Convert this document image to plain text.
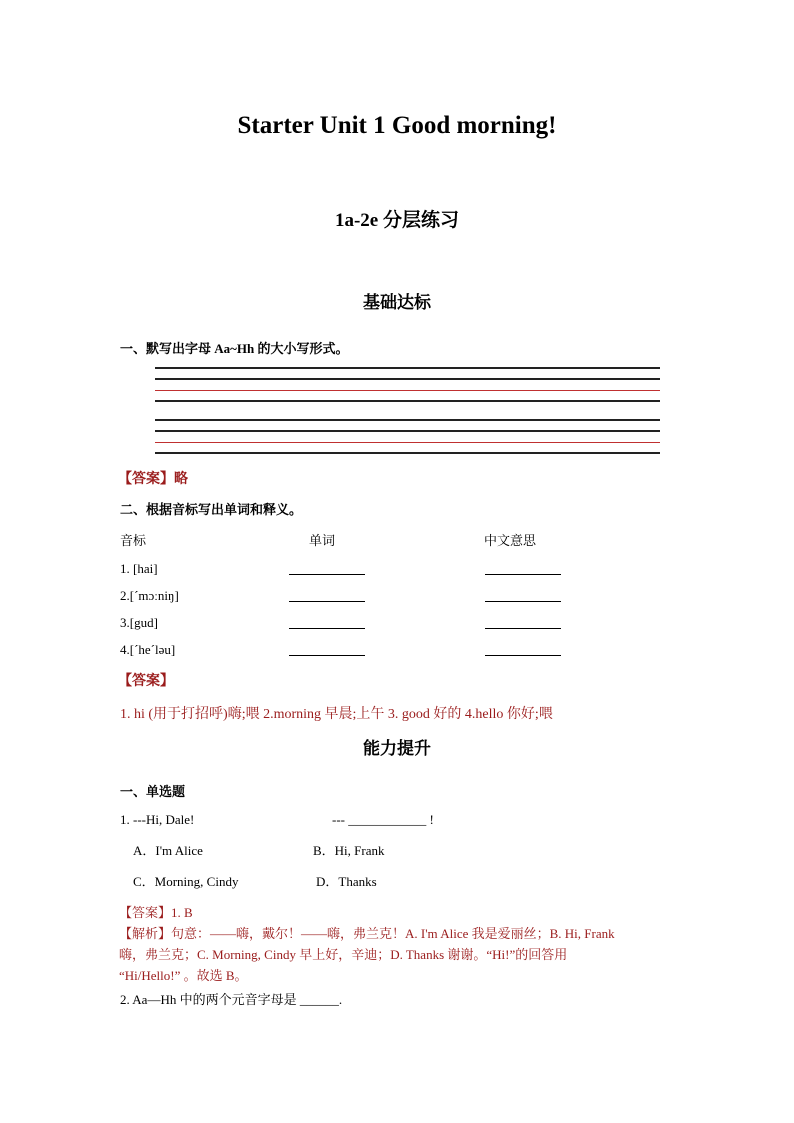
Starter Unit 1 Good morning!
1a-2e 分层练习
基础达标
一、默写出字母 Aa~Hh 的大小写形式。
【答案】略
二、根据音标写出单词和释义。
音标	单词	中文意思
1. [hai]
2.[ˊmɔːniŋ]
3.[gud]
4.[ˊheˊləu]
【答案】
1. hi (用于打招呼)嗨;喂 2.morning 早晨;上午 3. good 好的 4.hello 你好;喂
能力提升
一、单选题
1. ---Hi, Dale!	--- ____________ !
A．I'm Alice	B．Hi, Frank
C．Morning, Cindy	D．Thanks
【答案】1. B
【解析】句意：——嗨，戴尔！——嗨，弗兰克！A. I'm Alice 我是爱丽丝；B. Hi, Frank
嗨，弗兰克；C. Morning, Cindy 早上好，辛迪；D. Thanks 谢谢。“Hi!”的回答用
“Hi/Hello!” 。故选 B。
2. Aa—Hh 中的两个元音字母是 ______.
